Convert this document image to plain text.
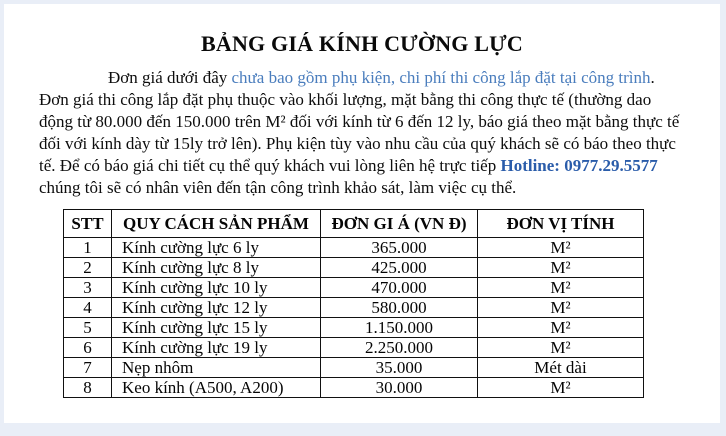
BẢNG GIÁ KÍNH CƯỜNG LỰC

Đơn giá dưới đây chưa bao gồm phụ kiện, chi phí thi công lắp đặt tại công trình. Đơn giá thi công lắp đặt phụ thuộc vào khối lượng, mặt bằng thi công thực tế (thường dao động từ 80.000 đến 150.000 trên M² đối với kính từ 6 đến 12 ly, báo giá theo mặt bằng thực tế đối với kính dày từ 15ly trở lên). Phụ kiện tùy vào nhu cầu của quý khách sẽ có báo theo thực tế. Để có báo giá chi tiết cụ thể quý khách vui lòng liên hệ trực tiếp Hotline: 0977.29.5577 chúng tôi sẽ có nhân viên đến tận công trình khảo sát, làm việc cụ thể.

STT	QUY CÁCH SẢN PHẨM	ĐƠN GI Á (VN Đ)	ĐƠN VỊ TÍNH
1	Kính cường lực 6 ly	365.000	M²
2	Kính cường lực 8 ly	425.000	M²
3	Kính cường lực 10 ly	470.000	M²
4	Kính cường lực 12 ly	580.000	M²
5	Kính cường lực 15 ly	1.150.000	M²
6	Kính cường lực 19 ly	2.250.000	M²
7	Nẹp nhôm	35.000	Mét dài
8	Keo kính (A500, A200)	30.000	M²
